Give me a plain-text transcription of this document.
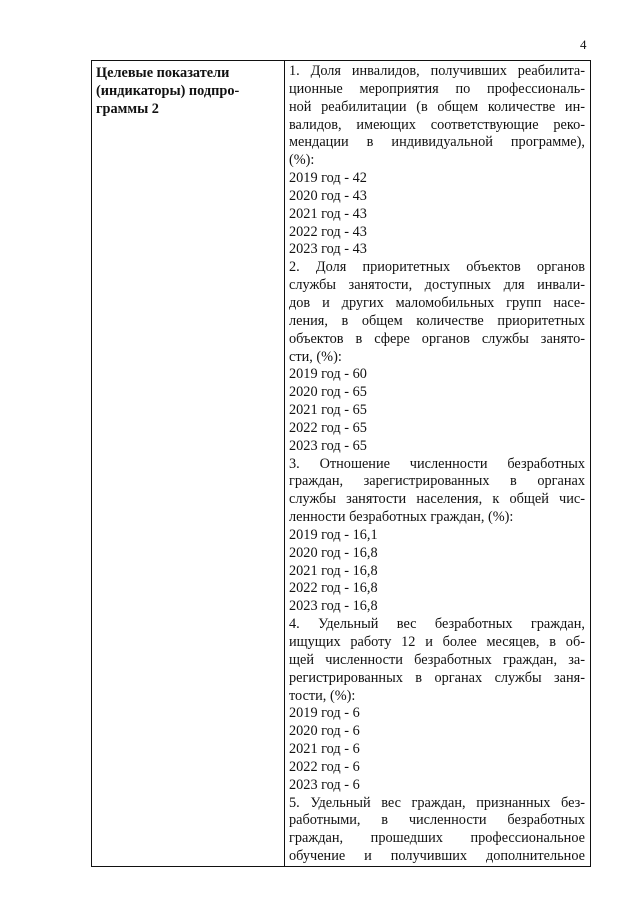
4
Целевые показатели
(индикаторы) подпро-
граммы 2

1. Доля инвалидов, получивших реабилита-
ционные мероприятия по профессиональ-
ной реабилитации (в общем количестве ин-
валидов, имеющих соответствующие реко-
мендации в индивидуальной программе),
(%):
2019 год - 42
2020 год - 43
2021 год - 43
2022 год - 43
2023 год - 43
2. Доля приоритетных объектов органов
службы занятости, доступных для инвали-
дов и других маломобильных групп насе-
ления, в общем количестве приоритетных
объектов в сфере органов службы занято-
сти, (%):
2019 год - 60
2020 год - 65
2021 год - 65
2022 год - 65
2023 год - 65
3. Отношение численности безработных
граждан, зарегистрированных в органах
службы занятости населения, к общей чис-
ленности безработных граждан, (%):
2019 год - 16,1
2020 год - 16,8
2021 год - 16,8
2022 год - 16,8
2023 год - 16,8
4. Удельный вес безработных граждан,
ищущих работу 12 и более месяцев, в об-
щей численности безработных граждан, за-
регистрированных в органах службы заня-
тости, (%):
2019 год - 6
2020 год - 6
2021 год - 6
2022 год - 6
2023 год - 6
5. Удельный вес граждан, признанных без-
работными, в численности безработных
граждан, прошедших профессиональное
обучение и получивших дополнительное
